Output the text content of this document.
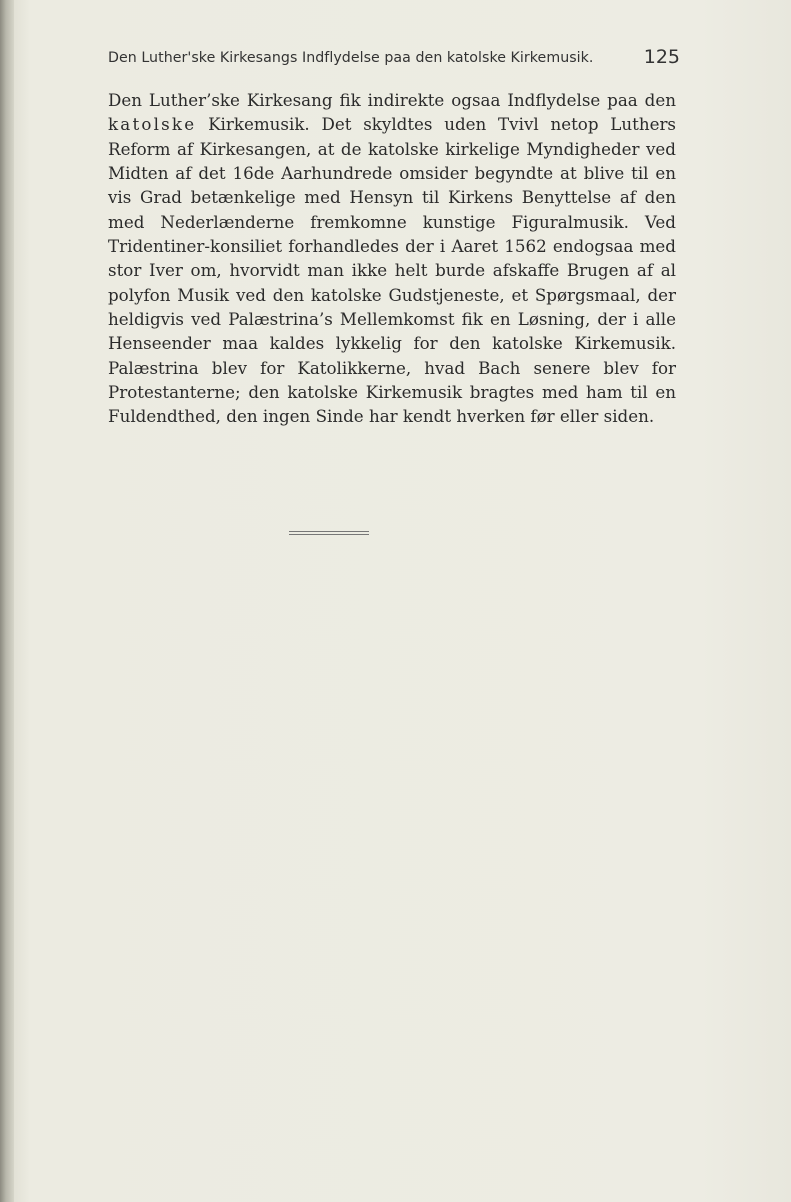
Den Luther'ske Kirkesangs Indflydelse paa den katolske Kirkemusik.	125

Den Luther’ske Kirkesang fik indirekte ogsaa Indflydelse paa den katolske Kirkemusik. Det skyldtes uden Tvivl netop Luthers Reform af Kirkesangen, at de katolske kirkelige Myndigheder ved Midten af det 16de Aarhundrede omsider begyndte at blive til en vis Grad betænkelige med Hensyn til Kirkens Benyttelse af den med Nederlænderne fremkomne kunstige Figuralmusik. Ved Tridentiner-konsiliet forhandledes der i Aaret 1562 endogsaa med stor Iver om, hvorvidt man ikke helt burde afskaffe Brugen af al polyfon Musik ved den katolske Gudstjeneste, et Spørgsmaal, der heldigvis ved Palæstrina’s Mellemkomst fik en Løsning, der i alle Henseender maa kaldes lykkelig for den katolske Kirkemusik. Palæstrina blev for Katolikkerne, hvad Bach senere blev for Protestanterne; den katolske Kirkemusik bragtes med ham til en Fuldendthed, den ingen Sinde har kendt hverken før eller siden.
